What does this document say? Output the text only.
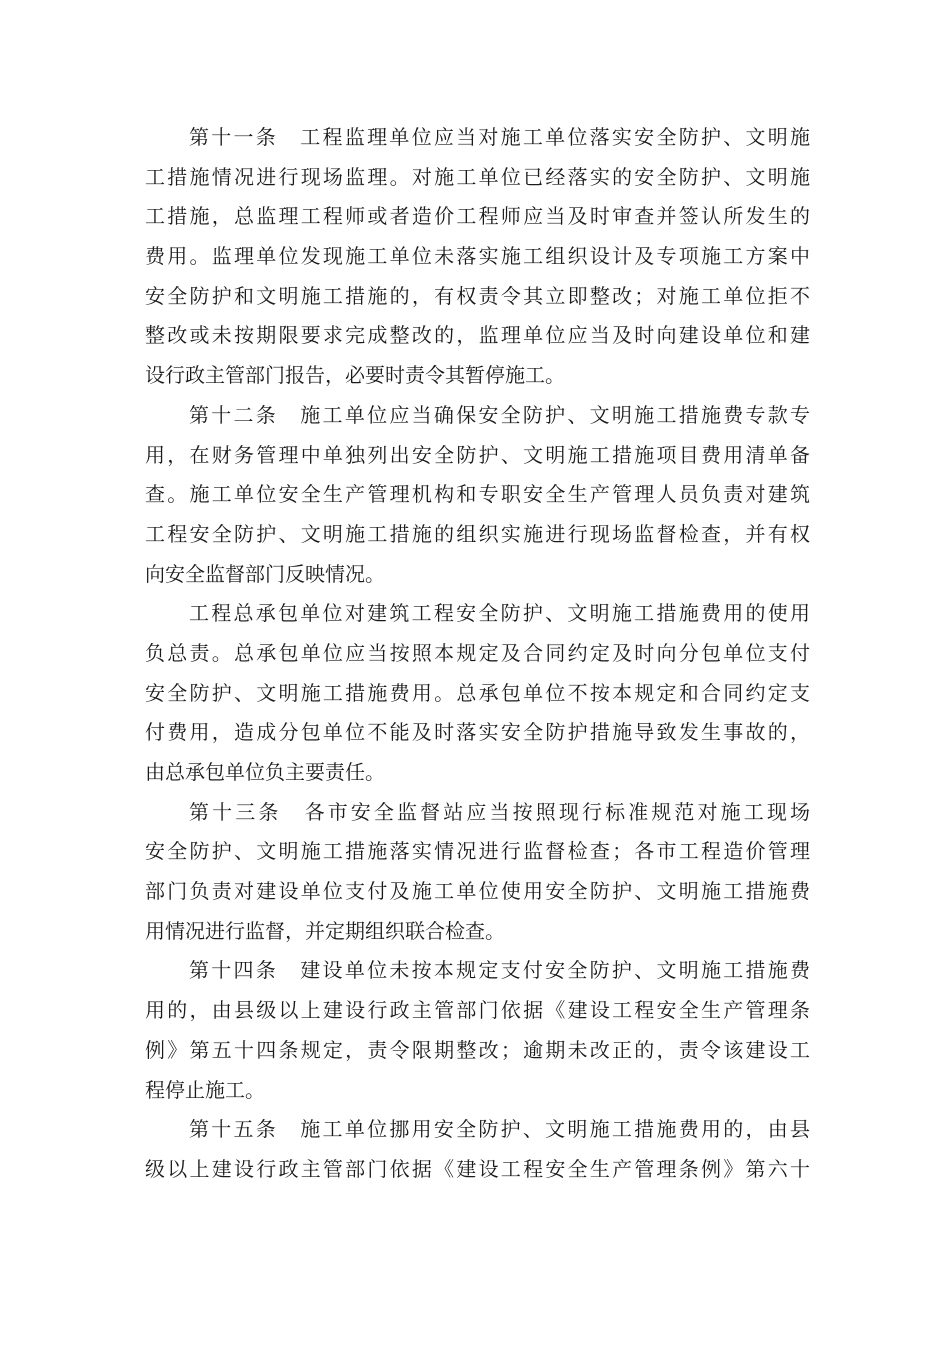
第十一条　工程监理单位应当对施工单位落实安全防护、文明施
工措施情况进行现场监理。对施工单位已经落实的安全防护、文明施
工措施，总监理工程师或者造价工程师应当及时审查并签认所发生的
费用。监理单位发现施工单位未落实施工组织设计及专项施工方案中
安全防护和文明施工措施的，有权责令其立即整改；对施工单位拒不
整改或未按期限要求完成整改的，监理单位应当及时向建设单位和建
设行政主管部门报告，必要时责令其暂停施工。
第十二条　施工单位应当确保安全防护、文明施工措施费专款专
用，在财务管理中单独列出安全防护、文明施工措施项目费用清单备
查。施工单位安全生产管理机构和专职安全生产管理人员负责对建筑
工程安全防护、文明施工措施的组织实施进行现场监督检查，并有权
向安全监督部门反映情况。
工程总承包单位对建筑工程安全防护、文明施工措施费用的使用
负总责。总承包单位应当按照本规定及合同约定及时向分包单位支付
安全防护、文明施工措施费用。总承包单位不按本规定和合同约定支
付费用，造成分包单位不能及时落实安全防护措施导致发生事故的，
由总承包单位负主要责任。
第十三条　各市安全监督站应当按照现行标准规范对施工现场
安全防护、文明施工措施落实情况进行监督检查；各市工程造价管理
部门负责对建设单位支付及施工单位使用安全防护、文明施工措施费
用情况进行监督，并定期组织联合检查。
第十四条　建设单位未按本规定支付安全防护、文明施工措施费
用的，由县级以上建设行政主管部门依据《建设工程安全生产管理条
例》第五十四条规定，责令限期整改；逾期未改正的，责令该建设工
程停止施工。
第十五条　施工单位挪用安全防护、文明施工措施费用的，由县
级以上建设行政主管部门依据《建设工程安全生产管理条例》第六十
